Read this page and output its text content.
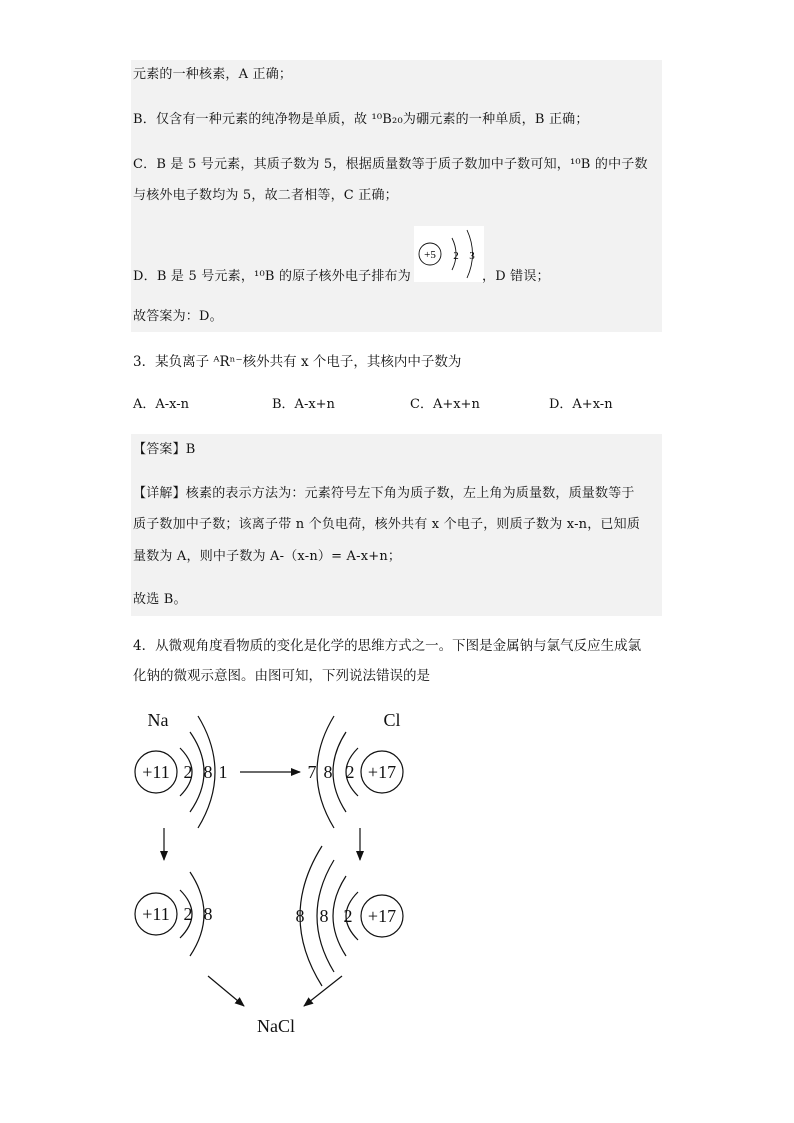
元素的一种核素，A 正确；
B．仅含有一种元素的纯净物是单质，故 ¹⁰B₂₀为硼元素的一种单质，B 正确；
C．B 是 5 号元素，其质子数为 5，根据质量数等于质子数加中子数可知，¹⁰B 的中子数
与核外电子数均为 5，故二者相等，C 正确；
D．B 是 5 号元素，¹⁰B 的原子核外电子排布为
+5 2 3
，D 错误；
故答案为：D。
3．某负离子 ᴬRⁿ⁻核外共有 x 个电子，其核内中子数为
A．A-x-n	B．A-x+n	C．A+x+n	D．A+x-n
【答案】B
【详解】核素的表示方法为：元素符号左下角为质子数，左上角为质量数，质量数等于
质子数加中子数；该离子带 n 个负电荷，核外共有 x 个电子，则质子数为 x-n，已知质
量数为 A，则中子数为 A-（x-n）= A-x+n；
故选 B。
4．从微观角度看物质的变化是化学的思维方式之一。下图是金属钠与氯气反应生成氯
化钠的微观示意图。由图可知，下列说法错误的是
Na	Cl
+11 2 8 1	+17
2
8
7
+11 2 8	+17
2
8
8
NaCl
